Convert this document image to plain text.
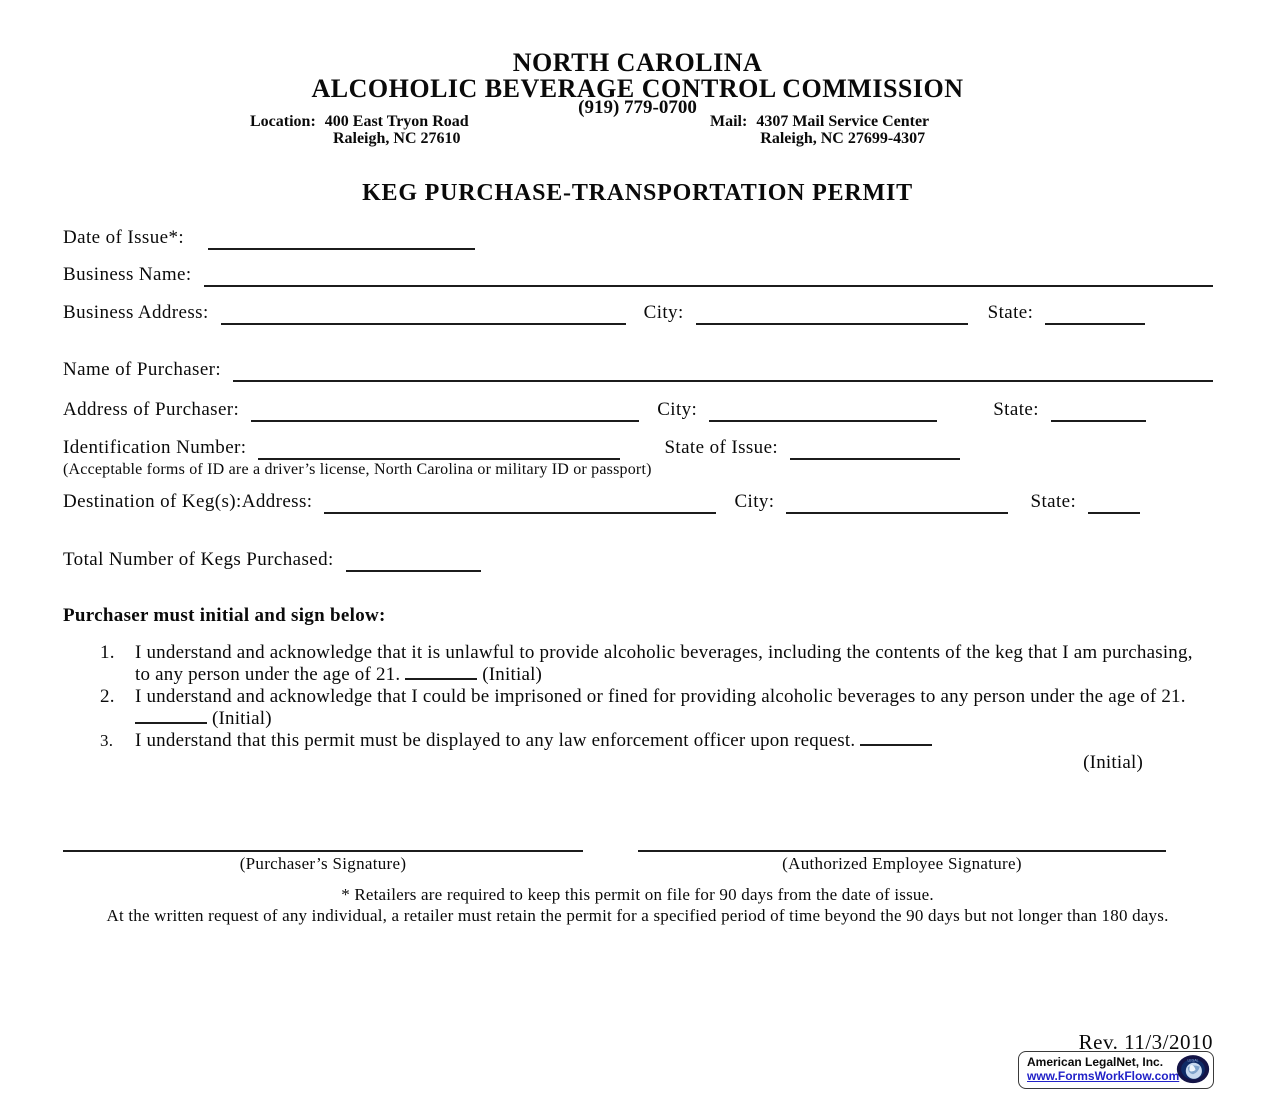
NORTH CAROLINA
ALCOHOLIC BEVERAGE CONTROL COMMISSION
(919) 779-0700
Location: 400 East Tryon Road
Raleigh, NC 27610
Mail: 4307 Mail Service Center
Raleigh, NC 27699-4307
KEG PURCHASE-TRANSPORTATION PERMIT
Date of Issue*:
Business Name:
Business Address:	City:	State:
Name of Purchaser:
Address of Purchaser:	City:	State:
Identification Number:	State of Issue:
(Acceptable forms of ID are a driver’s license, North Carolina or military ID or passport)
Destination of Keg(s):Address:	City:	State:
Total Number of Kegs Purchased:
Purchaser must initial and sign below:
1.	I understand and acknowledge that it is unlawful to provide alcoholic beverages, including the contents of the keg that I am purchasing, to any person under the age of 21.	(Initial)
2.	I understand and acknowledge that I could be imprisoned or fined for providing alcoholic beverages to any person under the age of 21.  (Initial)
3.	I understand that this permit must be displayed to any law enforcement officer upon request.
(Initial)
(Purchaser’s Signature)	(Authorized Employee Signature)
* Retailers are required to keep this permit on file for 90 days from the date of issue.
At the written request of any individual, a retailer must retain the permit for a specified period of time beyond the 90 days but not longer than 180 days.
Rev. 11/3/2010
American LegalNet, Inc.
www.FormsWorkFlow.com
LEGAL
